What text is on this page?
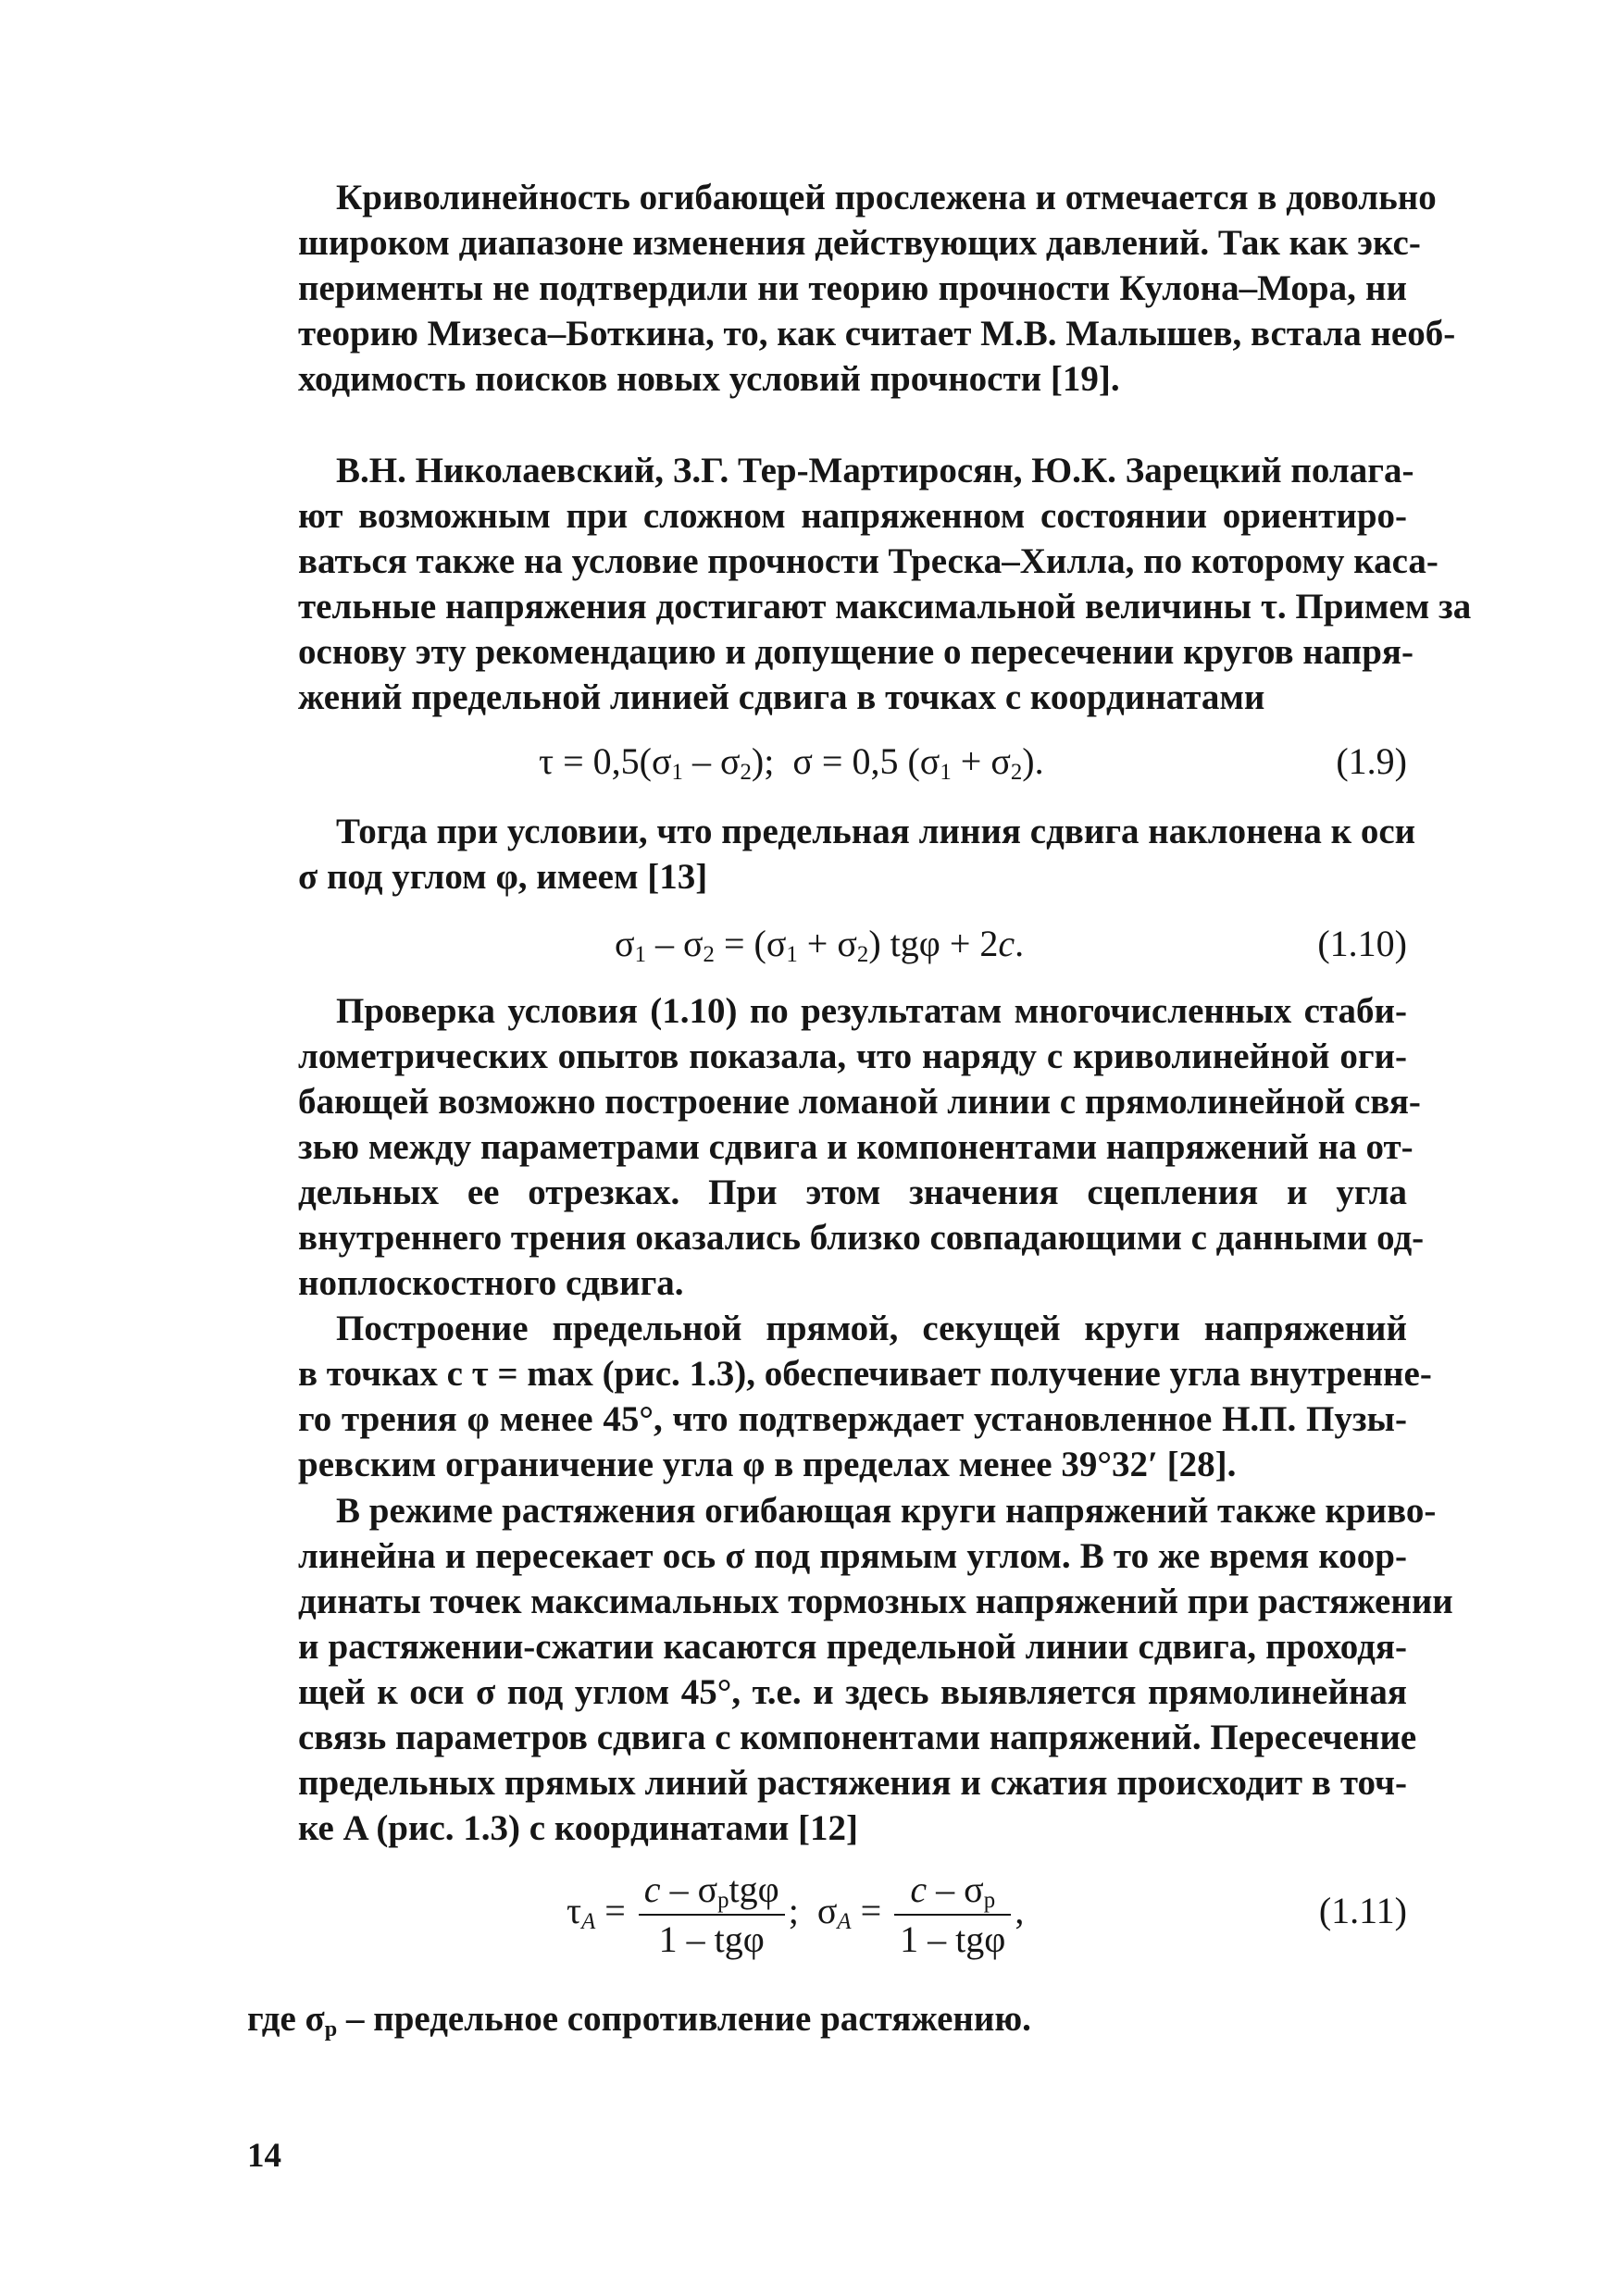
Криволинейность огибающей прослежена и отмечается в довольно
широком диапазоне изменения действующих давлений. Так как экс-
перименты не подтвердили ни теорию прочности Кулона–Мора, ни
теорию Мизеса–Боткина, то, как считает М.В. Малышев, встала необ-
ходимость поисков новых условий прочности [19].
В.Н. Николаевский, З.Г. Тер-Мартиросян, Ю.К. Зарецкий полага-
ют возможным при сложном напряженном состоянии ориентиро-
ваться также на условие прочности Треска–Хилла, по которому каса-
тельные напряжения достигают максимальной величины τ. Примем за
основу эту рекомендацию и допущение о пересечении кругов напря-
жений предельной линией сдвига в точках с координатами
$\tau = 0,5(\sigma_1 - \sigma_2)$; σ = 0,5 $(\sigma_1 + \sigma_2)$.	(1.9)
Тогда при условии, что предельная линия сдвига наклонена к оси
σ под углом φ, имеем [13]
$\sigma_1 - \sigma_2 = (\sigma_1 + \sigma_2) tg\varphi + 2c$.	(1.10)
Проверка условия (1.10) по результатам многочисленных стаби-
лометрических опытов показала, что наряду с криволинейной оги-
бающей возможно построение ломаной линии с прямолинейной свя-
зью между параметрами сдвига и компонентами напряжений на от-
дельных ее отрезках. При этом значения сцепления и угла
внутреннего трения оказались близко совпадающими с данными од-
ноплоскостного сдвига.
Построение предельной прямой, секущей круги напряжений
в точках с τ = max (рис. 1.3), обеспечивает получение угла внутренне-
го трения φ менее 45°, что подтверждает установленное Н.П. Пузы-
ревским ограничение угла φ в пределах менее 39°32′ [28].
В режиме растяжения огибающая круги напряжений также криво-
линейна и пересекает ось σ под прямым углом. В то же время коор-
динаты точек максимальных тормозных напряжений при растяжении
и растяжении-сжатии касаются предельной линии сдвига, проходя-
щей к оси σ под углом 45°, т.е. и здесь выявляется прямолинейная
связь параметров сдвига с компонентами напряжений. Пересечение
предельных прямых линий растяжения и сжатия происходит в точ-
ке A (рис. 1.3) с координатами [12]
$\tau_A = \frac{c - \sigma_ptg\varphi}{\text{1 – tgφ}}$ ; $\sigma_A = \frac{c - \sigma_p}{\text{1 – tgφ}}$ ,	(1.11)
где $\sigma_p$ – предельное сопротивление растяжению.
14
